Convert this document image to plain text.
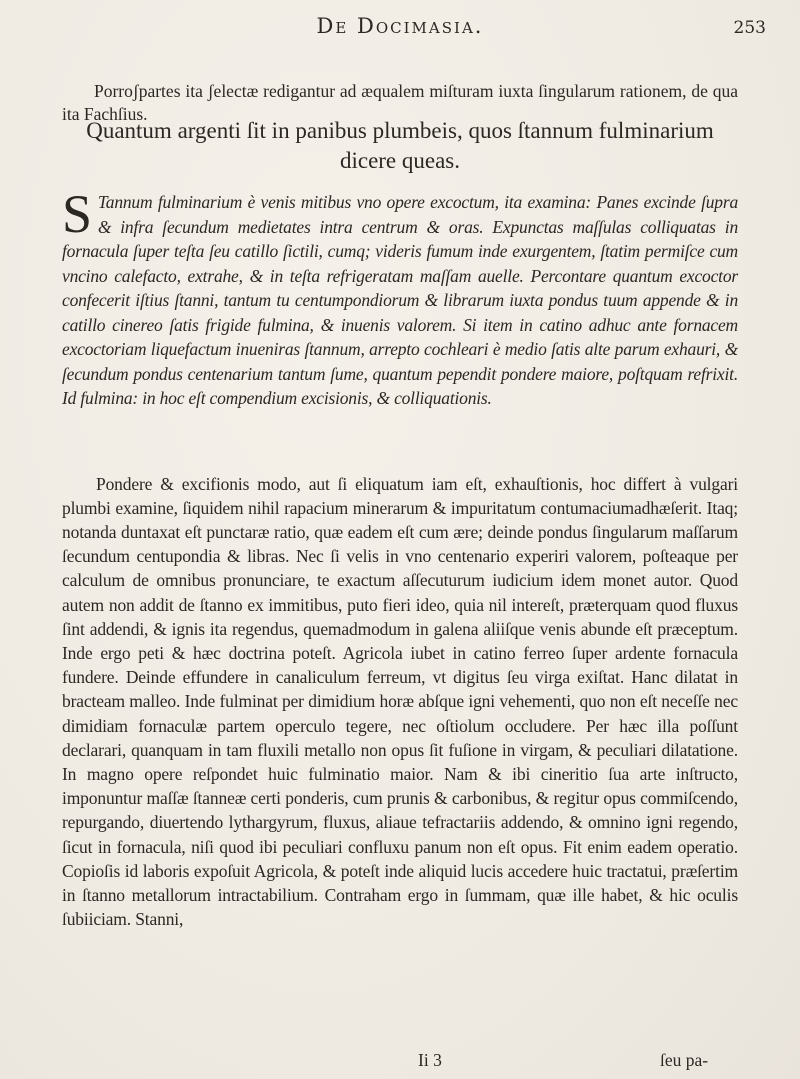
De Docimasia.	253

Porroʃpartes ita ʃelectæ redigantur ad æqualem miſturam iuxta ſingularum rationem, de qua ita Fachſius.

Quantum argenti ſit in panibus plumbeis, quos ſtannum fulminarium dicere queas.
S Tannum fulminarium è venis mitibus vno opere excoctum, ita examina: Panes excinde ſupra & infra ſecundum medietates intra centrum & oras. Expunctas maſſulas colliquatas in fornacula ſuper teſta ſeu catillo ſictili, cumq; videris fumum inde exurgentem, ſtatim permiſce cum vncino calefacto, extrahe, & in teſta refrigeratam maſſam auelle. Percontare quantum excoctor confecerit iſtius ſtanni, tantum tu centumpondiorum & librarum iuxta pondus tuum appende & in catillo cinereo ſatis frigide fulmina, & inuenis valorem. Si item in catino adhuc ante fornacem excoctoriam liquefactum inueniras ſtannum, arrepto cochleari è medio ſatis alte parum exhauri, & ſecundum pondus centenarium tantum ſume, quantum pependit pondere maiore, poſtquam refrixit. Id fulmina: in hoc eſt compendium excisionis, & colliquationis.

Pondere & excifionis modo, aut ſi eliquatum iam eſt, exhauſtionis, hoc differt à vulgari plumbi examine, ſiquidem nihil rapacium minerarum & impuritatum contumaciumadhæſerit. Itaq; notanda duntaxat eſt punctaræ ratio, quæ eadem eſt cum ære; deinde pondus ſingularum maſſarum ſecundum centupondia & libras. Nec ſi velis in vno centenario experiri valorem, poſteaque per calculum de omnibus pronunciare, te exactum aſſecuturum iudicium idem monet autor. Quod autem non addit de ſtanno ex immitibus, puto fieri ideo, quia nil intereſt, præterquam quod fluxus ſint addendi, & ignis ita regendus, quemadmodum in galena aliiſque venis abunde eſt præceptum. Inde ergo peti & hæc doctrina poteſt. Agricola iubet in catino ferreo ſuper ardente fornacula fundere. Deinde effundere in canaliculum ferreum, vt digitus ſeu virga exiſtat. Hanc dilatat in bracteam malleo. Inde fulminat per dimidium horæ abſque igni vehementi, quo non eſt neceſſe nec dimidiam fornaculæ partem operculo tegere, nec oſtiolum occludere. Per hæc illa poſſunt declarari, quanquam in tam fluxili metallo non opus ſit fuſione in virgam, & peculiari dilatatione. In magno opere reſpondet huic fulminatio maior. Nam & ibi cineritio ſua arte inſtructo, imponuntur maſſæ ſtanneæ certi ponderis, cum prunis & carbonibus, & regitur opus commiſcendo, repurgando, diuertendo lythargyrum, fluxus, aliaue tefractariis addendo, & omnino igni regendo, ſicut in fornacula, niſi quod ibi peculiari confluxu panum non eſt opus. Fit enim eadem operatio. Copioſis id laboris expoſuit Agricola, & poteſt inde aliquid lucis accedere huic tractatui, præſertim in ſtanno metallorum intractabilium. Contraham ergo in ſummam, quæ ille habet, & hic oculis ſubiiciam. Stanni,

Ii 3	ſeu pa-
